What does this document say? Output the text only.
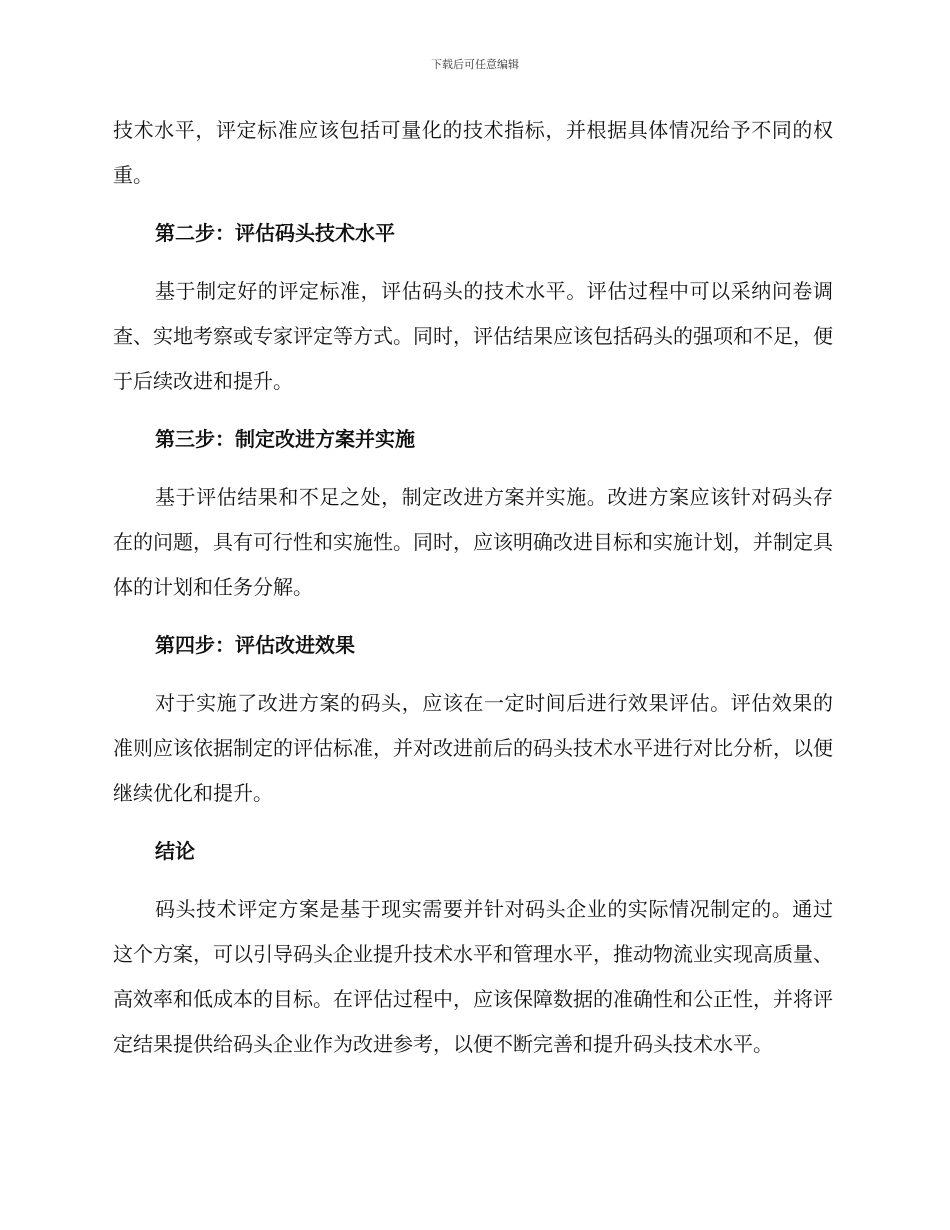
下载后可任意编辑

技术水平，评定标准应该包括可量化的技术指标，并根据具体情况给予不同的权重。

第二步：评估码头技术水平

基于制定好的评定标准，评估码头的技术水平。评估过程中可以采纳问卷调查、实地考察或专家评定等方式。同时，评估结果应该包括码头的强项和不足，便于后续改进和提升。

第三步：制定改进方案并实施

基于评估结果和不足之处，制定改进方案并实施。改进方案应该针对码头存在的问题，具有可行性和实施性。同时，应该明确改进目标和实施计划，并制定具体的计划和任务分解。

第四步：评估改进效果

对于实施了改进方案的码头，应该在一定时间后进行效果评估。评估效果的准则应该依据制定的评估标准，并对改进前后的码头技术水平进行对比分析，以便继续优化和提升。

结论

码头技术评定方案是基于现实需要并针对码头企业的实际情况制定的。通过这个方案，可以引导码头企业提升技术水平和管理水平，推动物流业实现高质量、高效率和低成本的目标。在评估过程中，应该保障数据的准确性和公正性，并将评定结果提供给码头企业作为改进参考，以便不断完善和提升码头技术水平。
